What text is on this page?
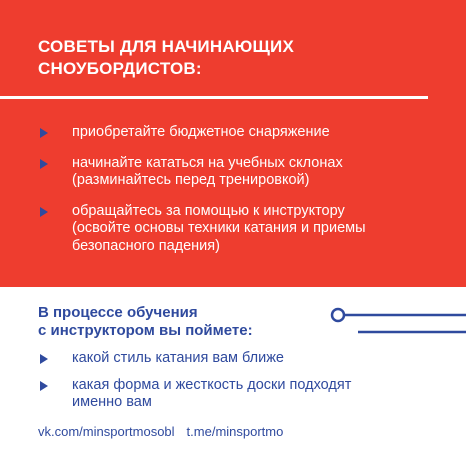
СОВЕТЫ ДЛЯ НАЧИНАЮЩИХ
СНОУБОРДИСТОВ:
приобретайте бюджетное снаряжение
начинайте кататься на учебных склонах
(разминайтесь перед тренировкой)
обращайтесь за помощью к инструктору
(освойте основы техники катания и приемы
безопасного падения)
В процессе обучения
с инструктором вы поймете:
какой стиль катания вам ближе
какая форма и жесткость доски подходят
именно вам
vk.com/minsportmosobl t.me/minsportmo
